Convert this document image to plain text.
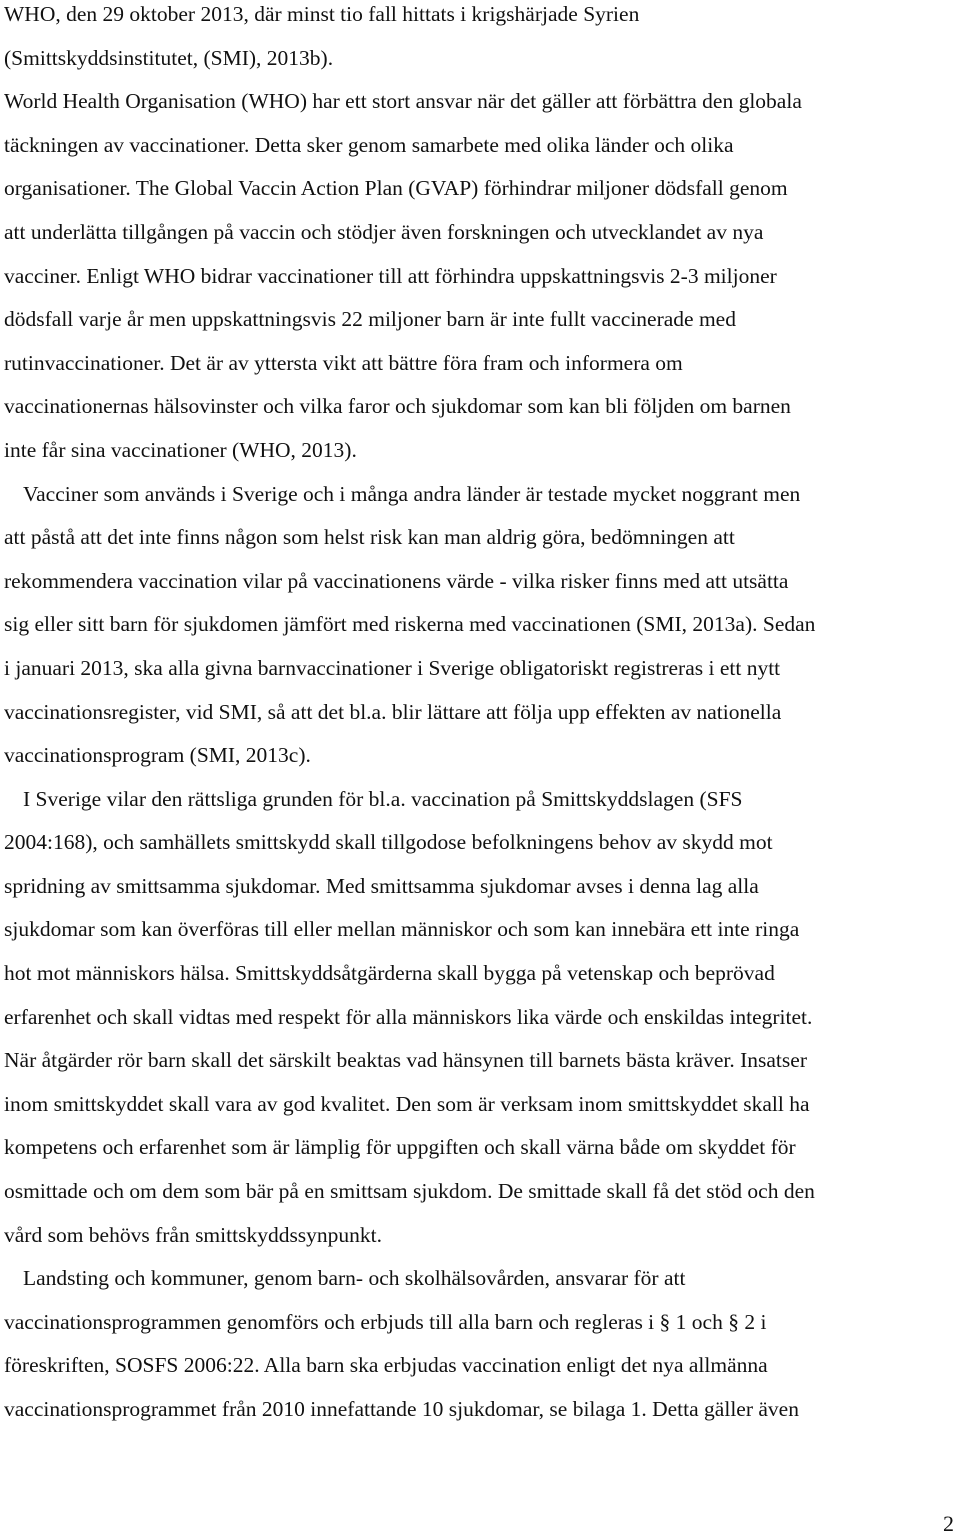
WHO, den 29 oktober 2013, där minst tio fall hittats i krigshärjade Syrien
(Smittskyddsinstitutet, (SMI), 2013b).
World Health Organisation (WHO) har ett stort ansvar när det gäller att förbättra den globala
täckningen av vaccinationer. Detta sker genom samarbete med olika länder och olika
organisationer. The Global Vaccin Action Plan (GVAP) förhindrar miljoner dödsfall genom
att underlätta tillgången på vaccin och stödjer även forskningen och utvecklandet av nya
vacciner. Enligt WHO bidrar vaccinationer till att förhindra uppskattningsvis 2-3 miljoner
dödsfall varje år men uppskattningsvis 22 miljoner barn är inte fullt vaccinerade med
rutinvaccinationer. Det är av yttersta vikt att bättre föra fram och informera om
vaccinationernas hälsovinster och vilka faror och sjukdomar som kan bli följden om barnen
inte får sina vaccinationer (WHO, 2013).
Vacciner som används i Sverige och i många andra länder är testade mycket noggrant men
att påstå att det inte finns någon som helst risk kan man aldrig göra, bedömningen att
rekommendera vaccination vilar på vaccinationens värde - vilka risker finns med att utsätta
sig eller sitt barn för sjukdomen jämfört med riskerna med vaccinationen (SMI, 2013a). Sedan
i januari 2013, ska alla givna barnvaccinationer i Sverige obligatoriskt registreras i ett nytt
vaccinationsregister, vid SMI, så att det bl.a. blir lättare att följa upp effekten av nationella
vaccinationsprogram (SMI, 2013c).
I Sverige vilar den rättsliga grunden för bl.a. vaccination på Smittskyddslagen (SFS
2004:168), och samhällets smittskydd skall tillgodose befolkningens behov av skydd mot
spridning av smittsamma sjukdomar. Med smittsamma sjukdomar avses i denna lag alla
sjukdomar som kan överföras till eller mellan människor och som kan innebära ett inte ringa
hot mot människors hälsa. Smittskyddsåtgärderna skall bygga på vetenskap och beprövad
erfarenhet och skall vidtas med respekt för alla människors lika värde och enskildas integritet.
När åtgärder rör barn skall det särskilt beaktas vad hänsynen till barnets bästa kräver. Insatser
inom smittskyddet skall vara av god kvalitet. Den som är verksam inom smittskyddet skall ha
kompetens och erfarenhet som är lämplig för uppgiften och skall värna både om skyddet för
osmittade och om dem som bär på en smittsam sjukdom. De smittade skall få det stöd och den
vård som behövs från smittskyddssynpunkt.
Landsting och kommuner, genom barn- och skolhälsovården, ansvarar för att
vaccinationsprogrammen genomförs och erbjuds till alla barn och regleras i § 1 och § 2 i
föreskriften, SOSFS 2006:22. Alla barn ska erbjudas vaccination enligt det nya allmänna
vaccinationsprogrammet från 2010 innefattande 10 sjukdomar, se bilaga 1. Detta gäller även
2
